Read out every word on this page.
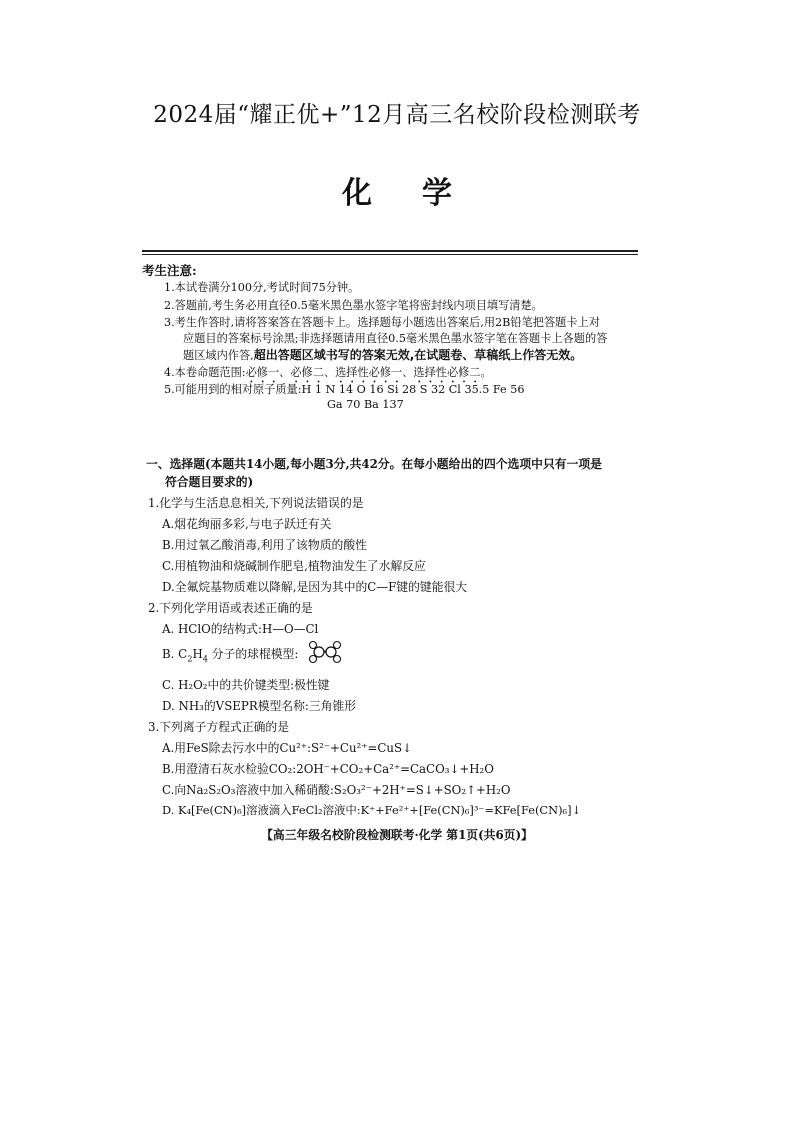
2024届“耀正优+”12月高三名校阶段检测联考
化学
考生注意:
1.本试卷满分100分,考试时间75分钟。
2.答题前,考生务必用直径0.5毫米黑色墨水签字笔将密封线内项目填写清楚。
3.考生作答时,请将答案答在答题卡上。选择题每小题选出答案后,用2B铅笔把答题卡上对
应题目的答案标号涂黑;非选择题请用直径0.5毫米黑色墨水签字笔在答题卡上各题的答
题区域内作答,超出答题区域书写的答案无效,在试题卷、草稿纸上作答无效。
4.本卷命题范围:必修一、必修二、选择性必修一、选择性必修二。
5.可能用到的相对原子质量:H 1 N 14 O 16 Si 28 S 32 Cl 35.5 Fe 56
Ga 70 Ba 137
一、选择题(本题共14小题,每小题3分,共42分。在每小题给出的四个选项中只有一项是
符合题目要求的)
1.化学与生活息息相关,下列说法错误的是
A.烟花绚丽多彩,与电子跃迁有关
B.用过氧乙酸消毒,利用了该物质的酸性
C.用植物油和烧碱制作肥皂,植物油发生了水解反应
D.全氟烷基物质难以降解,是因为其中的C—F键的键能很大
2.下列化学用语或表述正确的是
A. HClO的结构式:H—O—Cl
B. $C_2H_4$ 分子的球棍模型:
C. H₂O₂中的共价键类型:极性键
D. NH₃的VSEPR模型名称:三角锥形
3.下列离子方程式正确的是
A.用FeS除去污水中的Cu²⁺:S²⁻+Cu²⁺=CuS↓
B.用澄清石灰水检验CO₂:2OH⁻+CO₂+Ca²⁺=CaCO₃↓+H₂O
C.向Na₂S₂O₃溶液中加入稀硝酸:S₂O₃²⁻+2H⁺=S↓+SO₂↑+H₂O
D. K₄[Fe(CN)₆]溶液滴入FeCl₂溶液中:K⁺+Fe²⁺+[Fe(CN)₆]³⁻=KFe[Fe(CN)₆]↓
【高三年级名校阶段检测联考·化学 第1页(共6页)】
